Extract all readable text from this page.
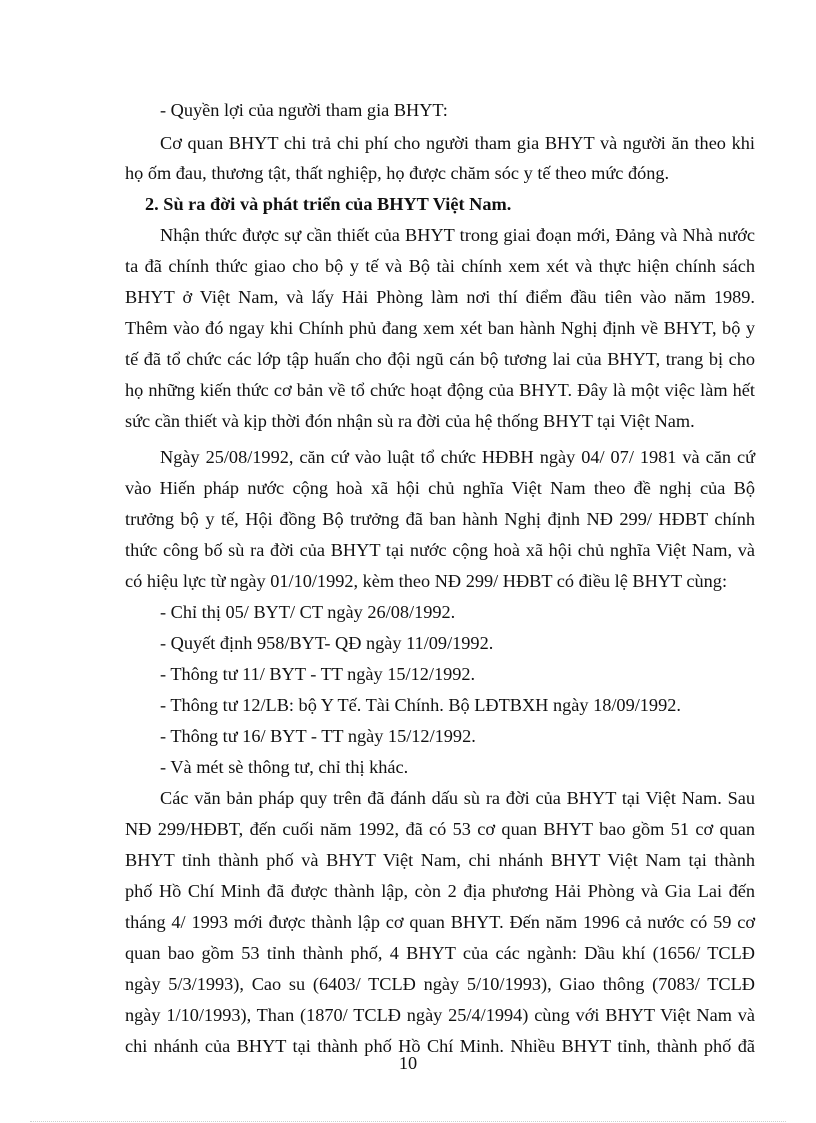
- Quyền lợi của người tham gia BHYT:
Cơ quan BHYT chi trả chi phí cho người tham gia BHYT và người ăn theo khi
họ ốm đau, thương tật, thất nghiệp, họ được chăm sóc y tế theo mức đóng.
2. Sù ra đời và phát triển của BHYT Việt Nam.
Nhận thức được sự cần thiết của BHYT trong giai đoạn mới, Đảng và Nhà nước
ta đã chính thức giao cho bộ y tế và Bộ tài chính xem xét và thực hiện chính sách
BHYT ở Việt Nam, và lấy Hải Phòng làm nơi thí điểm đầu tiên vào năm 1989.
Thêm vào đó ngay khi Chính phủ đang xem xét ban hành Nghị định về BHYT, bộ y
tế đã tổ chức các lớp tập huấn cho đội ngũ cán bộ tương lai của BHYT, trang bị cho
họ những kiến thức cơ bản về tổ chức hoạt động của BHYT. Đây là một việc làm hết
sức cần thiết và kịp thời đón nhận sù ra đời của hệ thống BHYT tại Việt Nam.
Ngày 25/08/1992, căn cứ vào luật tổ chức HĐBH ngày 04/ 07/ 1981 và căn cứ
vào Hiến pháp nước cộng hoà xã hội chủ nghĩa Việt Nam theo đề nghị của Bộ
trưởng bộ y tế, Hội đồng Bộ trưởng đã ban hành Nghị định NĐ 299/ HĐBT chính
thức công bố sù ra đời của BHYT tại nước cộng hoà xã hội chủ nghĩa Việt Nam, và
có hiệu lực từ ngày 01/10/1992, kèm theo NĐ 299/ HĐBT có điều lệ BHYT cùng:
- Chỉ thị 05/ BYT/ CT ngày 26/08/1992.
- Quyết định 958/BYT- QĐ ngày 11/09/1992.
- Thông tư 11/ BYT - TT ngày 15/12/1992.
- Thông tư 12/LB: bộ Y Tế. Tài Chính. Bộ LĐTBXH ngày 18/09/1992.
- Thông tư 16/ BYT - TT ngày 15/12/1992.
- Và mét sè thông tư, chỉ thị khác.
Các văn bản pháp quy trên đã đánh dấu sù ra đời của BHYT tại Việt Nam. Sau
NĐ 299/HĐBT, đến cuối năm 1992, đã có 53 cơ quan BHYT bao gồm 51 cơ quan
BHYT tỉnh thành phố và BHYT Việt Nam, chi nhánh BHYT Việt Nam tại thành
phố Hồ Chí Minh đã được thành lập, còn 2 địa phương Hải Phòng và Gia Lai đến
tháng 4/ 1993 mới được thành lập cơ quan BHYT. Đến năm 1996 cả nước có 59 cơ
quan bao gồm 53 tỉnh thành phố, 4 BHYT của các ngành: Dầu khí (1656/ TCLĐ
ngày 5/3/1993), Cao su (6403/ TCLĐ ngày 5/10/1993), Giao thông (7083/ TCLĐ
ngày 1/10/1993), Than (1870/ TCLĐ ngày 25/4/1994) cùng với BHYT Việt Nam và
chi nhánh của BHYT tại thành phố Hồ Chí Minh. Nhiều BHYT tỉnh, thành phố đã
10
